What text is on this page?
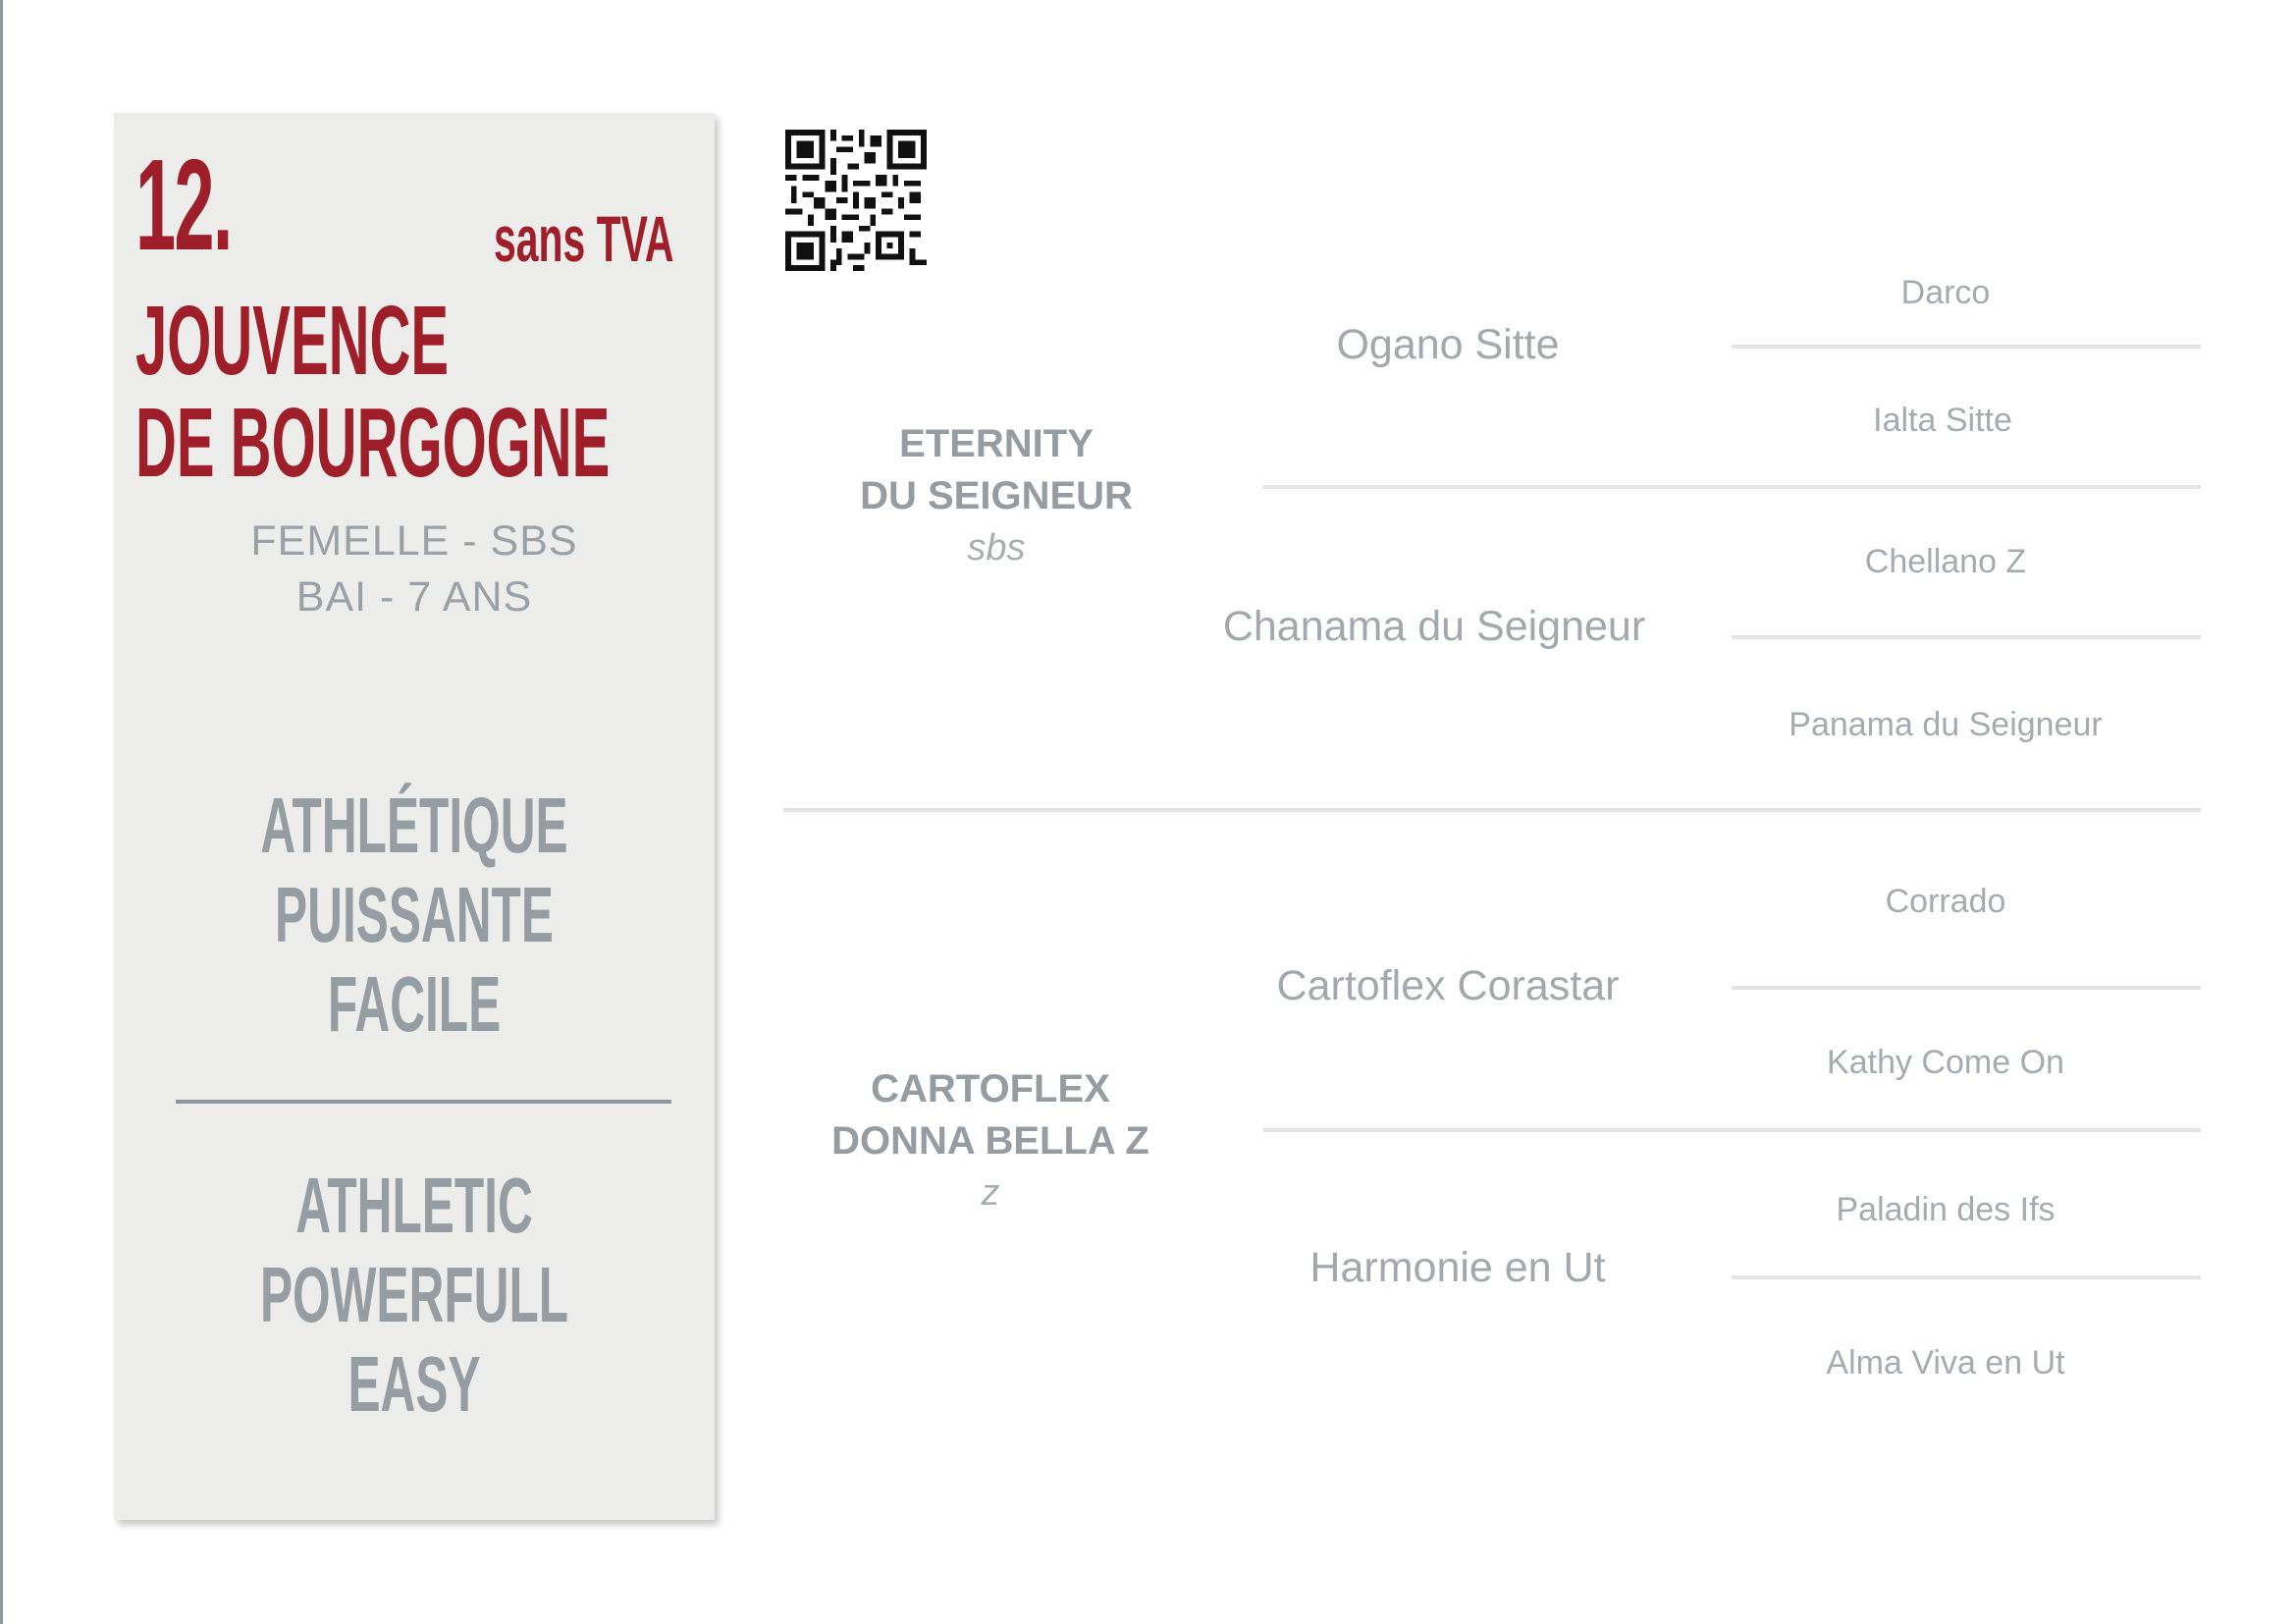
12.	sans TVA
JOUVENCE
DE BOURGOGNE
FEMELLE - SBS
BAI - 7 ANS
ATHLÉTIQUE
PUISSANTE
FACILE
ATHLETIC
POWERFULL
EASY
ETERNITY
DU SEIGNEUR
sbs
Ogano Sitte
Chanama du Seigneur
Darco
Ialta Sitte
Chellano Z
Panama du Seigneur
CARTOFLEX
DONNA BELLA Z
z
Cartoflex Corastar
Harmonie en Ut
Corrado
Kathy Come On
Paladin des Ifs
Alma Viva en Ut
